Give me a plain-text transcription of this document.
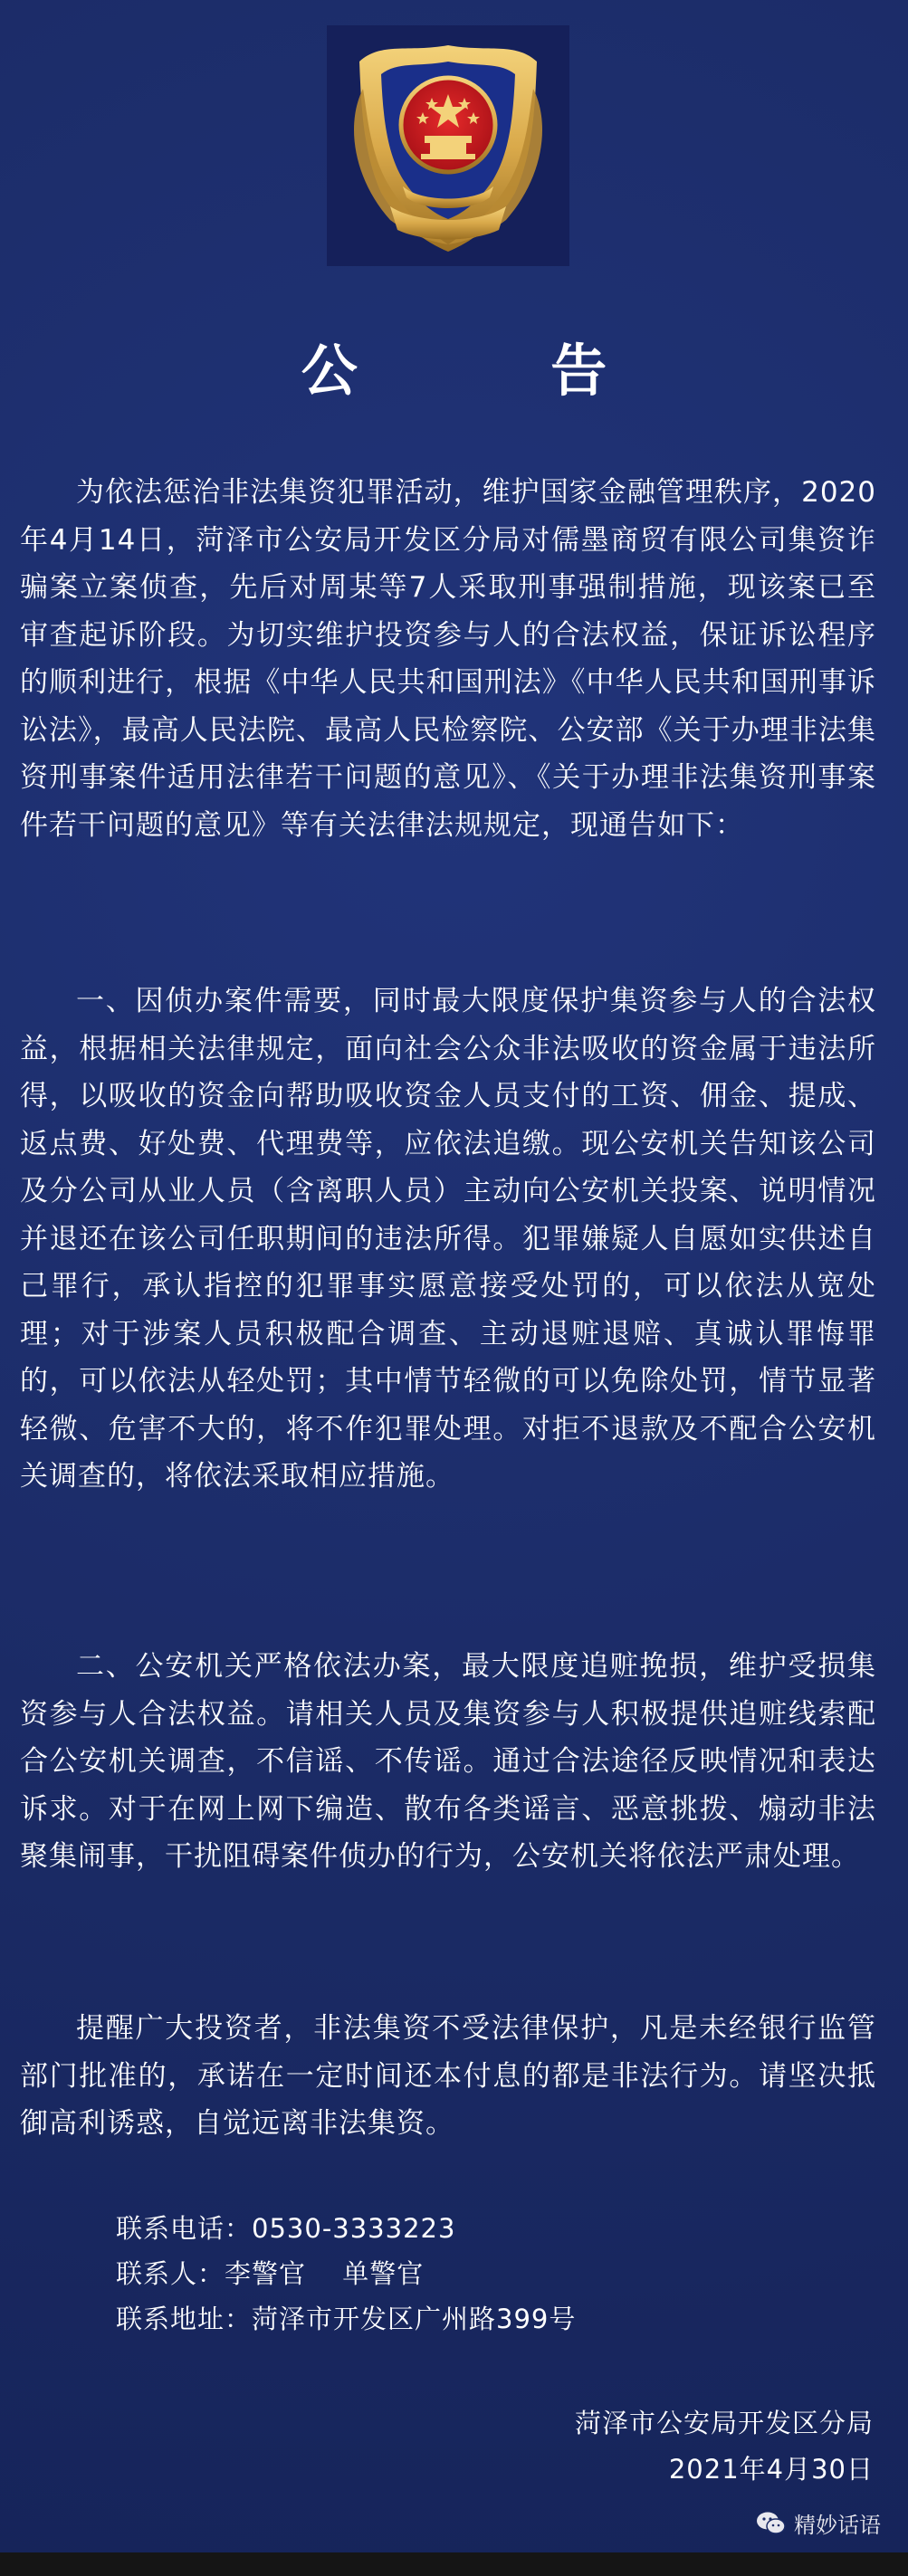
公 告
为依法惩治非法集资犯罪活动，维护国家金融管理秩序，2020年4月14日，菏泽市公安局开发区分局对儒墨商贸有限公司集资诈骗案立案侦查，先后对周某等7人采取刑事强制措施，现该案已至审查起诉阶段。为切实维护投资参与人的合法权益，保证诉讼程序的顺利进行，根据《中华人民共和国刑法》《中华人民共和国刑事诉讼法》，最高人民法院、最高人民检察院、公安部《关于办理非法集资刑事案件适用法律若干问题的意见》、《关于办理非法集资刑事案件若干问题的意见》等有关法律法规规定，现通告如下：
一、因侦办案件需要，同时最大限度保护集资参与人的合法权益，根据相关法律规定，面向社会公众非法吸收的资金属于违法所得，以吸收的资金向帮助吸收资金人员支付的工资、佣金、提成、返点费、好处费、代理费等，应依法追缴。现公安机关告知该公司及分公司从业人员（含离职人员）主动向公安机关投案、说明情况并退还在该公司任职期间的违法所得。犯罪嫌疑人自愿如实供述自己罪行，承认指控的犯罪事实愿意接受处罚的，可以依法从宽处理；对于涉案人员积极配合调查、主动退赃退赔、真诚认罪悔罪的，可以依法从轻处罚；其中情节轻微的可以免除处罚，情节显著轻微、危害不大的，将不作犯罪处理。对拒不退款及不配合公安机关调查的，将依法采取相应措施。
二、公安机关严格依法办案，最大限度追赃挽损，维护受损集资参与人合法权益。请相关人员及集资参与人积极提供追赃线索配合公安机关调查，不信谣、不传谣。通过合法途径反映情况和表达诉求。对于在网上网下编造、散布各类谣言、恶意挑拨、煽动非法聚集闹事，干扰阻碍案件侦办的行为，公安机关将依法严肃处理。
提醒广大投资者，非法集资不受法律保护，凡是未经银行监管部门批准的，承诺在一定时间还本付息的都是非法行为。请坚决抵御高利诱惑，自觉远离非法集资。
联系电话： 0530-3333223
联系人： 李警官　 单警官
联系地址： 菏泽市开发区广州路399号
菏泽市公安局开发区分局
2021年4月30日
精妙话语
